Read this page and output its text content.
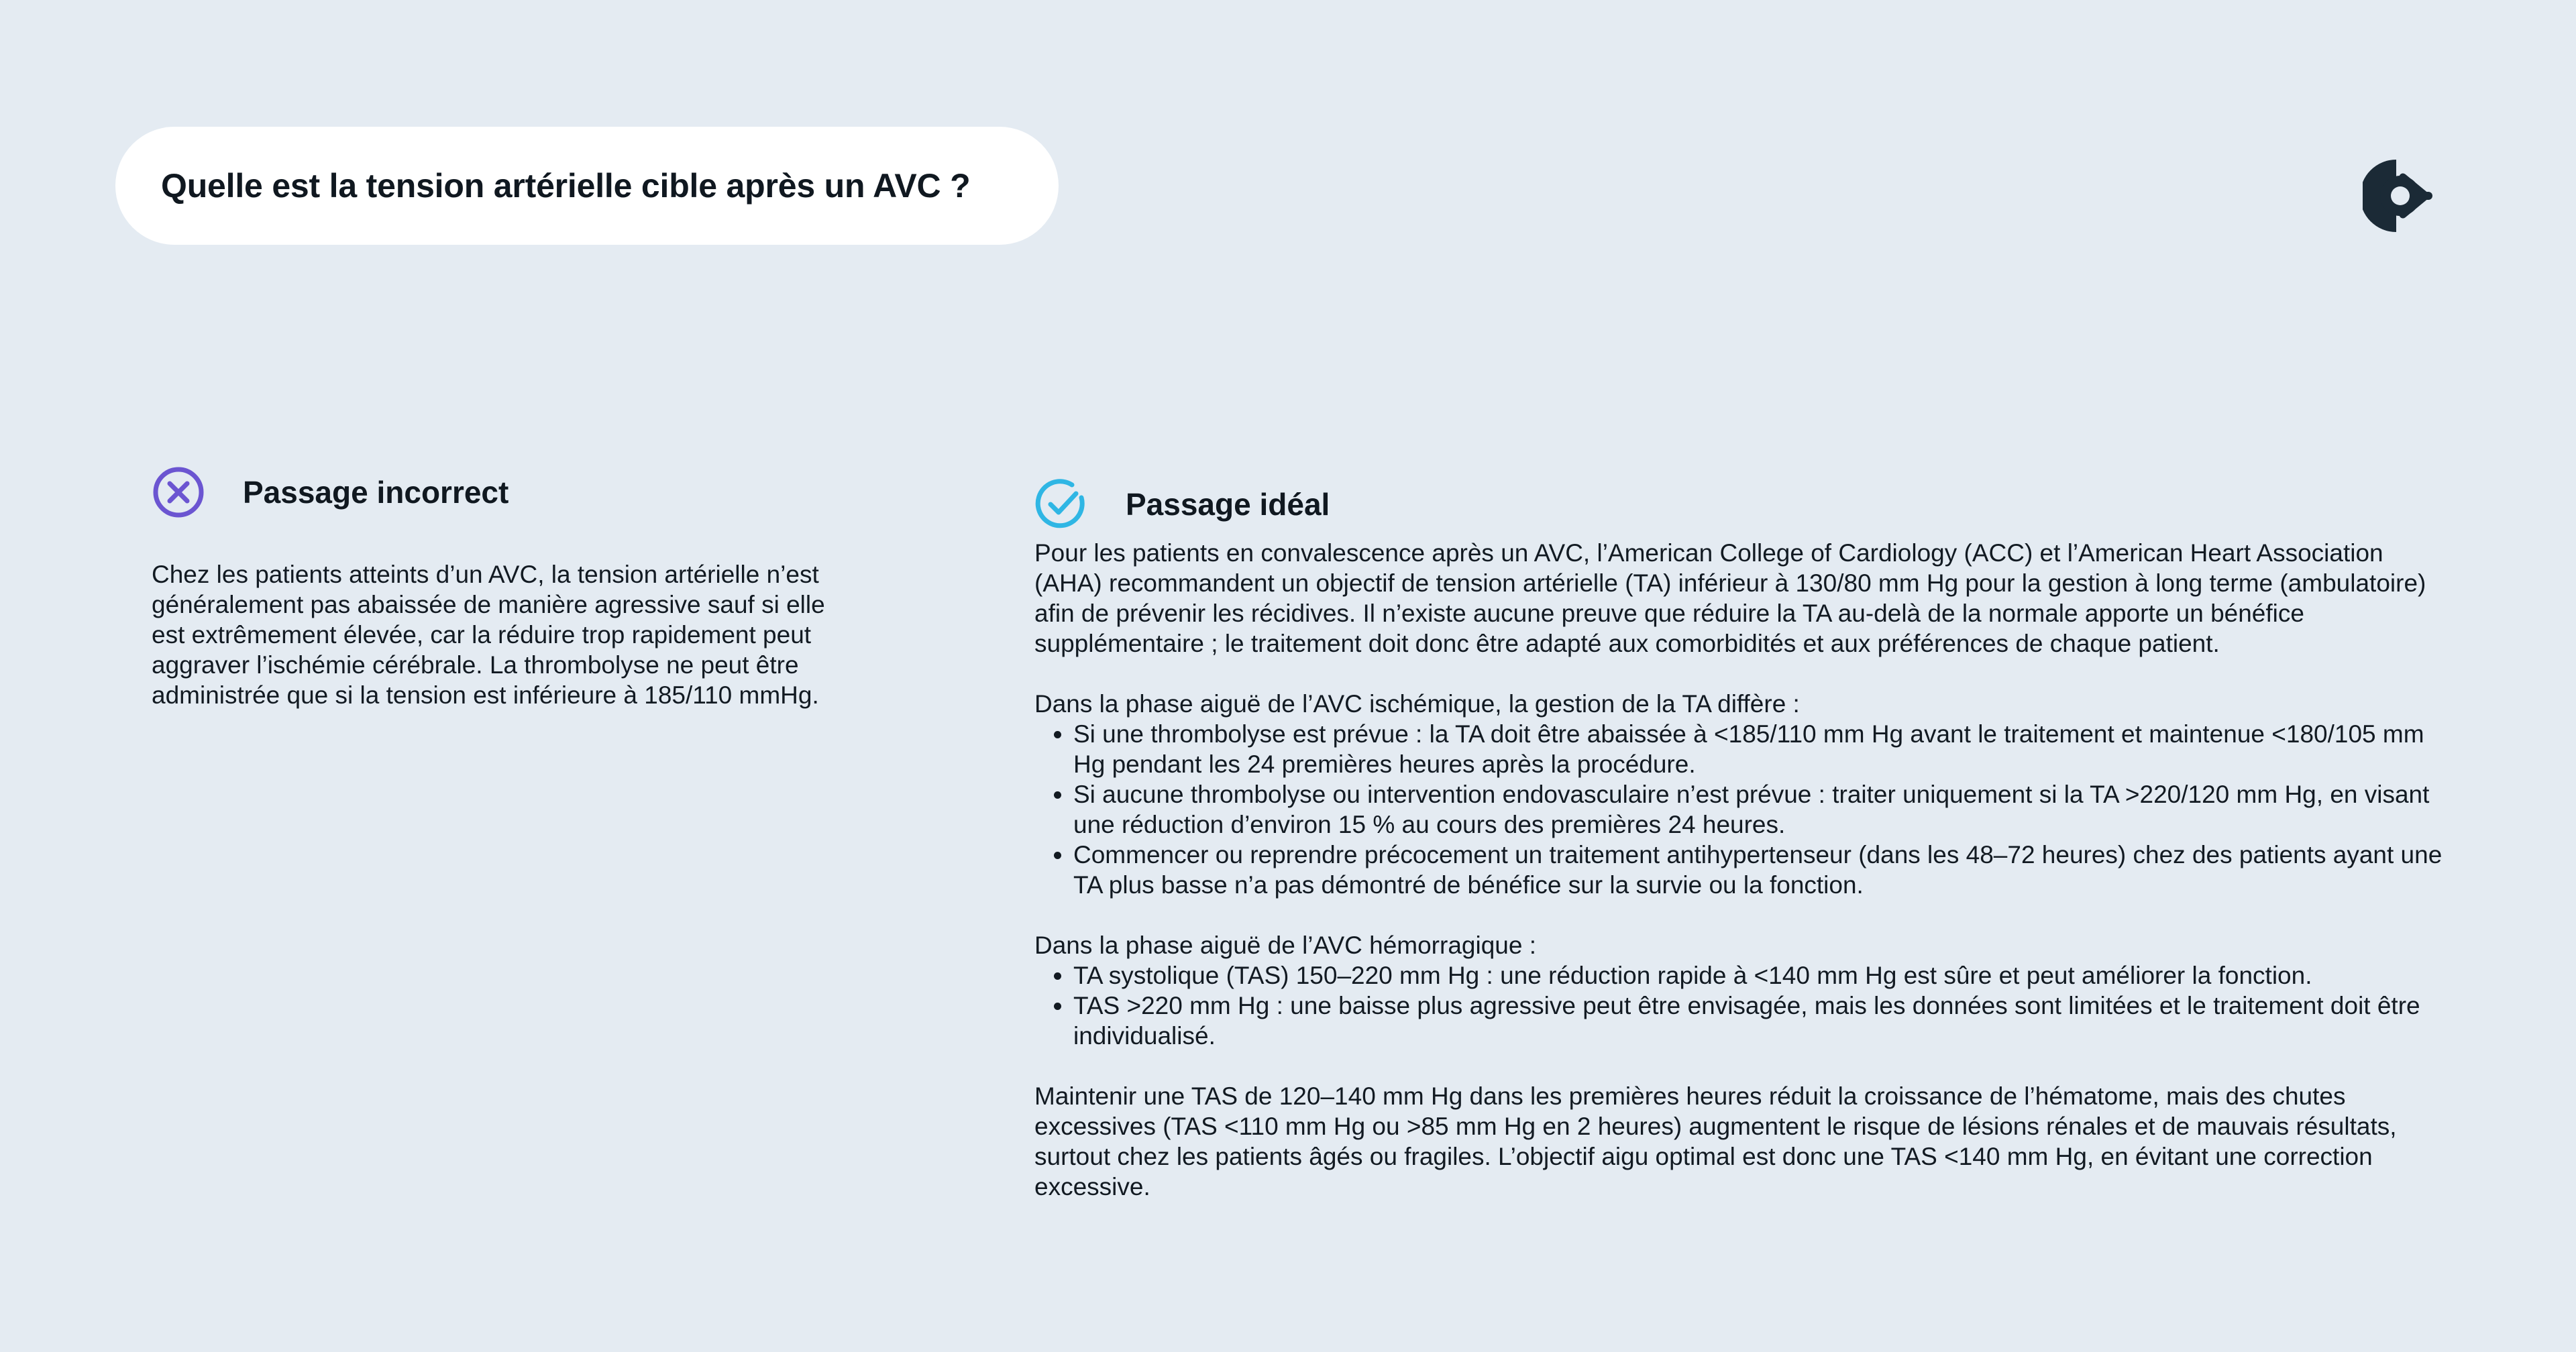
Quelle est la tension artérielle cible après un AVC ?
Passage incorrect
Chez les patients atteints d’un AVC, la tension artérielle n’est généralement pas abaissée de manière agressive sauf si elle est extrêmement élevée, car la réduire trop rapidement peut aggraver l’ischémie cérébrale. La thrombolyse ne peut être administrée que si la tension est inférieure à 185/110 mmHg.
Passage idéal

Pour les patients en convalescence après un AVC, l’American College of Cardiology (ACC) et l’American Heart Association (AHA) recommandent un objectif de tension artérielle (TA) inférieur à 130/80 mm Hg pour la gestion à long terme (ambulatoire) afin de prévenir les récidives. Il n’existe aucune preuve que réduire la TA au-delà de la normale apporte un bénéfice supplémentaire ; le traitement doit donc être adapté aux comorbidités et aux préférences de chaque patient.

Dans la phase aiguë de l’AVC ischémique, la gestion de la TA diffère :

• Si une thrombolyse est prévue : la TA doit être abaissée à <185/110 mm Hg avant le traitement et maintenue <180/105 mm Hg pendant les 24 premières heures après la procédure.
• Si aucune thrombolyse ou intervention endovasculaire n’est prévue : traiter uniquement si la TA >220/120 mm Hg, en visant une réduction d’environ 15 % au cours des premières 24 heures.
• Commencer ou reprendre précocement un traitement antihypertenseur (dans les 48–72 heures) chez des patients ayant une TA plus basse n’a pas démontré de bénéfice sur la survie ou la fonction.

Dans la phase aiguë de l’AVC hémorragique :

• TA systolique (TAS) 150–220 mm Hg : une réduction rapide à <140 mm Hg est sûre et peut améliorer la fonction.
• TAS >220 mm Hg : une baisse plus agressive peut être envisagée, mais les données sont limitées et le traitement doit être individualisé.

Maintenir une TAS de 120–140 mm Hg dans les premières heures réduit la croissance de l’hématome, mais des chutes excessives (TAS <110 mm Hg ou >85 mm Hg en 2 heures) augmentent le risque de lésions rénales et de mauvais résultats, surtout chez les patients âgés ou fragiles. L’objectif aigu optimal est donc une TAS <140 mm Hg, en évitant une correction excessive.
